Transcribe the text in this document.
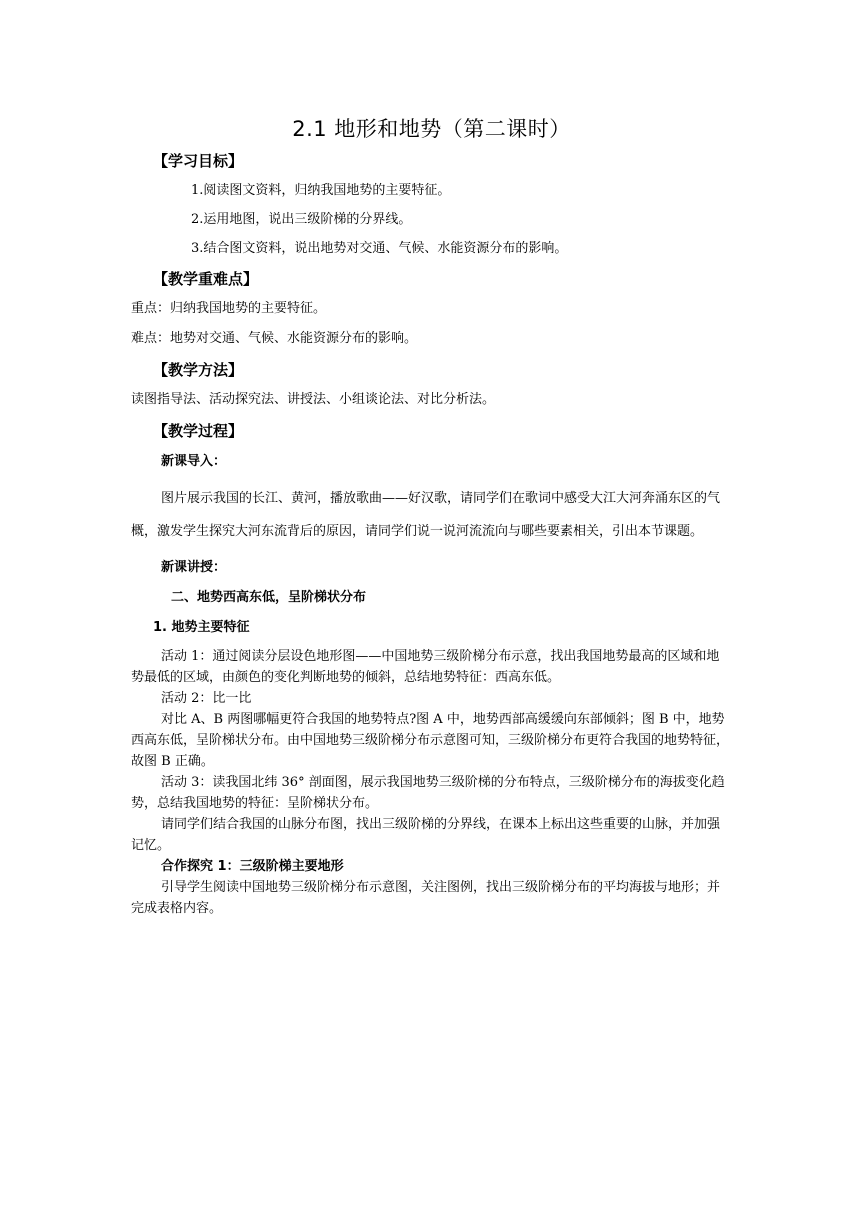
2.1 地形和地势（第二课时）
【学习目标】
1.阅读图文资料，归纳我国地势的主要特征。
2.运用地图，说出三级阶梯的分界线。
3.结合图文资料，说出地势对交通、气候、水能资源分布的影响。
【教学重难点】
重点：归纳我国地势的主要特征。
难点：地势对交通、气候、水能资源分布的影响。
【教学方法】
读图指导法、活动探究法、讲授法、小组谈论法、对比分析法。
【教学过程】
新课导入：
图片展示我国的长江、黄河，播放歌曲——好汉歌，请同学们在歌词中感受大江大河奔涌东区的气概，激发学生探究大河东流背后的原因，请同学们说一说河流流向与哪些要素相关，引出本节课题。
新课讲授：
二、地势西高东低，呈阶梯状分布
1. 地势主要特征

活动 1：通过阅读分层设色地形图——中国地势三级阶梯分布示意，找出我国地势最高的区域和地势最低的区域，由颜色的变化判断地势的倾斜，总结地势特征：西高东低。

活动 2：比一比

对比 A、B 两图哪幅更符合我国的地势特点?图 A 中，地势西部高缓缓向东部倾斜；图 B 中，地势西高东低，呈阶梯状分布。由中国地势三级阶梯分布示意图可知，三级阶梯分布更符合我国的地势特征，故图 B 正确。

活动 3：读我国北纬 36° 剖面图，展示我国地势三级阶梯的分布特点，三级阶梯分布的海拔变化趋势，总结我国地势的特征：呈阶梯状分布。

请同学们结合我国的山脉分布图，找出三级阶梯的分界线，在课本上标出这些重要的山脉，并加强记忆。

合作探究 1：三级阶梯主要地形

引导学生阅读中国地势三级阶梯分布示意图，关注图例，找出三级阶梯分布的平均海拔与地形；并完成表格内容。
